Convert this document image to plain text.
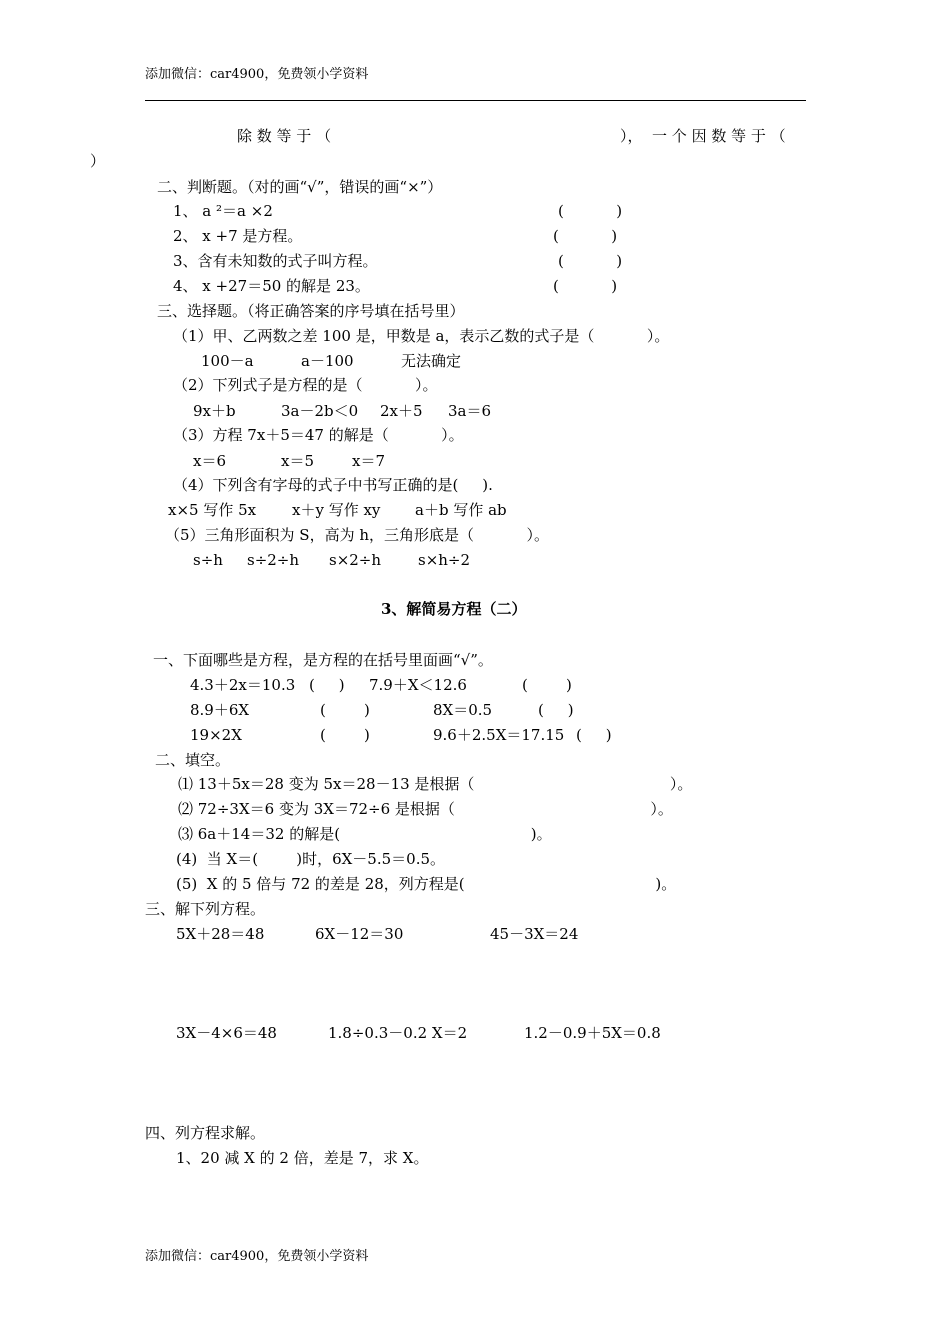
添加微信：car4900，免费领小学资料
除 数 等 于 （	），  一 个 因 数 等 于 （
）
二、判断题。（对的画“√”，错误的画“×”）
1、 a ²＝a ×2	(           )
2、 x +7 是方程。	(           )
3、含有未知数的式子叫方程。	(           )
4、 x +27＝50 的解是 23。	(           )
三、选择题。（将正确答案的序号填在括号里）
（1）甲、乙两数之差 100 是，甲数是 a，表示乙数的式子是（           ）。
100－a	a－100	无法确定
（2）下列式子是方程的是（           ）。
9x＋b	3a－2b＜0 2x＋5 3a＝6
（3）方程 7x＋5＝47 的解是（           ）。
x＝6	x＝5	x＝7
（4）下列含有字母的式子中书写正确的是(     ).
x×5 写作 5x x＋y 写作 xy a＋b 写作 ab
（5）三角形面积为 S，高为 h，三角形底是（           ）。
s÷h s÷2÷h s×2÷h s×h÷2
3、解简易方程（二）
一、下面哪些是方程，是方程的在括号里面画“√”。
4.3＋2x＝10.3 (     ) 7.9＋X＜12.6	(        )
8.9＋6X	(        )	8X＝0.5	(     )
19×2X	(        )	9.6＋2.5X＝17.15 (     )
二、填空。
⑴ 13＋5x＝28 变为 5x＝28－13 是根据（                                         ）。
⑵ 72÷3X＝6 变为 3X＝72÷6 是根据（                                         ）。
⑶ 6a＋14＝32 的解是(                                        )。
(4)  当 X＝(        )时，6X－5.5＝0.5。
(5)  X 的 5 倍与 72 的差是 28，列方程是(                                        )。
三、解下列方程。
5X＋28＝48	6X－12＝30	45－3X＝24
3X－4×6＝48	1.8÷0.3－0.2 X＝2	1.2－0.9＋5X＝0.8
四、列方程求解。
1、20 减 X 的 2 倍，差是 7，求 X。
添加微信：car4900，免费领小学资料
